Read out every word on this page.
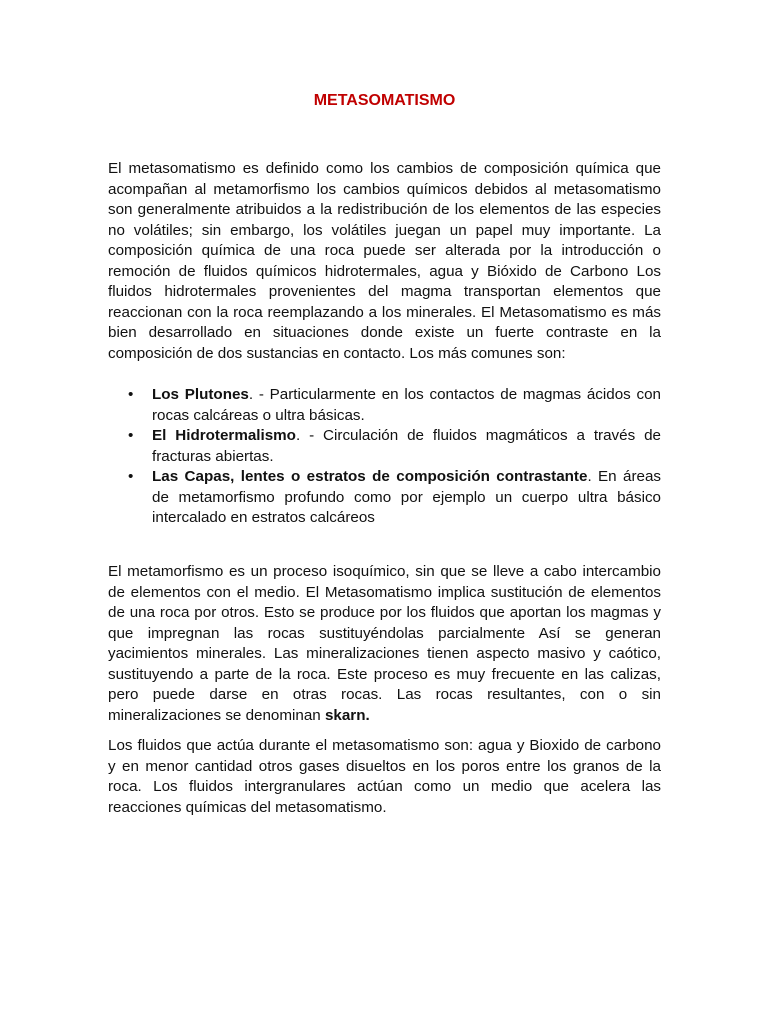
METASOMATISMO

El metasomatismo es definido como los cambios de composición química que acompañan al metamorfismo los cambios químicos debidos al metasomatismo son generalmente atribuidos a la redistribución de los elementos de las especies no volátiles; sin embargo, los volátiles juegan un papel muy importante. La composición química de una roca puede ser alterada por la introducción o remoción de fluidos químicos hidrotermales, agua y Bióxido de Carbono Los fluidos hidrotermales provenientes del magma transportan elementos que reaccionan con la roca reemplazando a los minerales. El Metasomatismo es más bien desarrollado en situaciones donde existe un fuerte contraste en la composición de dos sustancias en contacto. Los más comunes son:

• Los Plutones. - Particularmente en los contactos de magmas ácidos con rocas calcáreas o ultra básicas.
• El Hidrotermalismo. - Circulación de fluidos magmáticos a través de fracturas abiertas.
• Las Capas, lentes o estratos de composición contrastante. En áreas de metamorfismo profundo como por ejemplo un cuerpo ultra básico intercalado en estratos calcáreos

El metamorfismo es un proceso isoquímico, sin que se lleve a cabo intercambio de elementos con el medio. El Metasomatismo implica sustitución de elementos de una roca por otros. Esto se produce por los fluidos que aportan los magmas y que impregnan las rocas sustituyéndolas parcialmente Así se generan yacimientos minerales. Las mineralizaciones tienen aspecto masivo y caótico, sustituyendo a parte de la roca. Este proceso es muy frecuente en las calizas, pero puede darse en otras rocas. Las rocas resultantes, con o sin mineralizaciones se denominan skarn.

Los fluidos que actúa durante el metasomatismo son: agua y Bioxido de carbono y en menor cantidad otros gases disueltos en los poros entre los granos de la roca. Los fluidos intergranulares actúan como un medio que acelera las reacciones químicas del metasomatismo.
